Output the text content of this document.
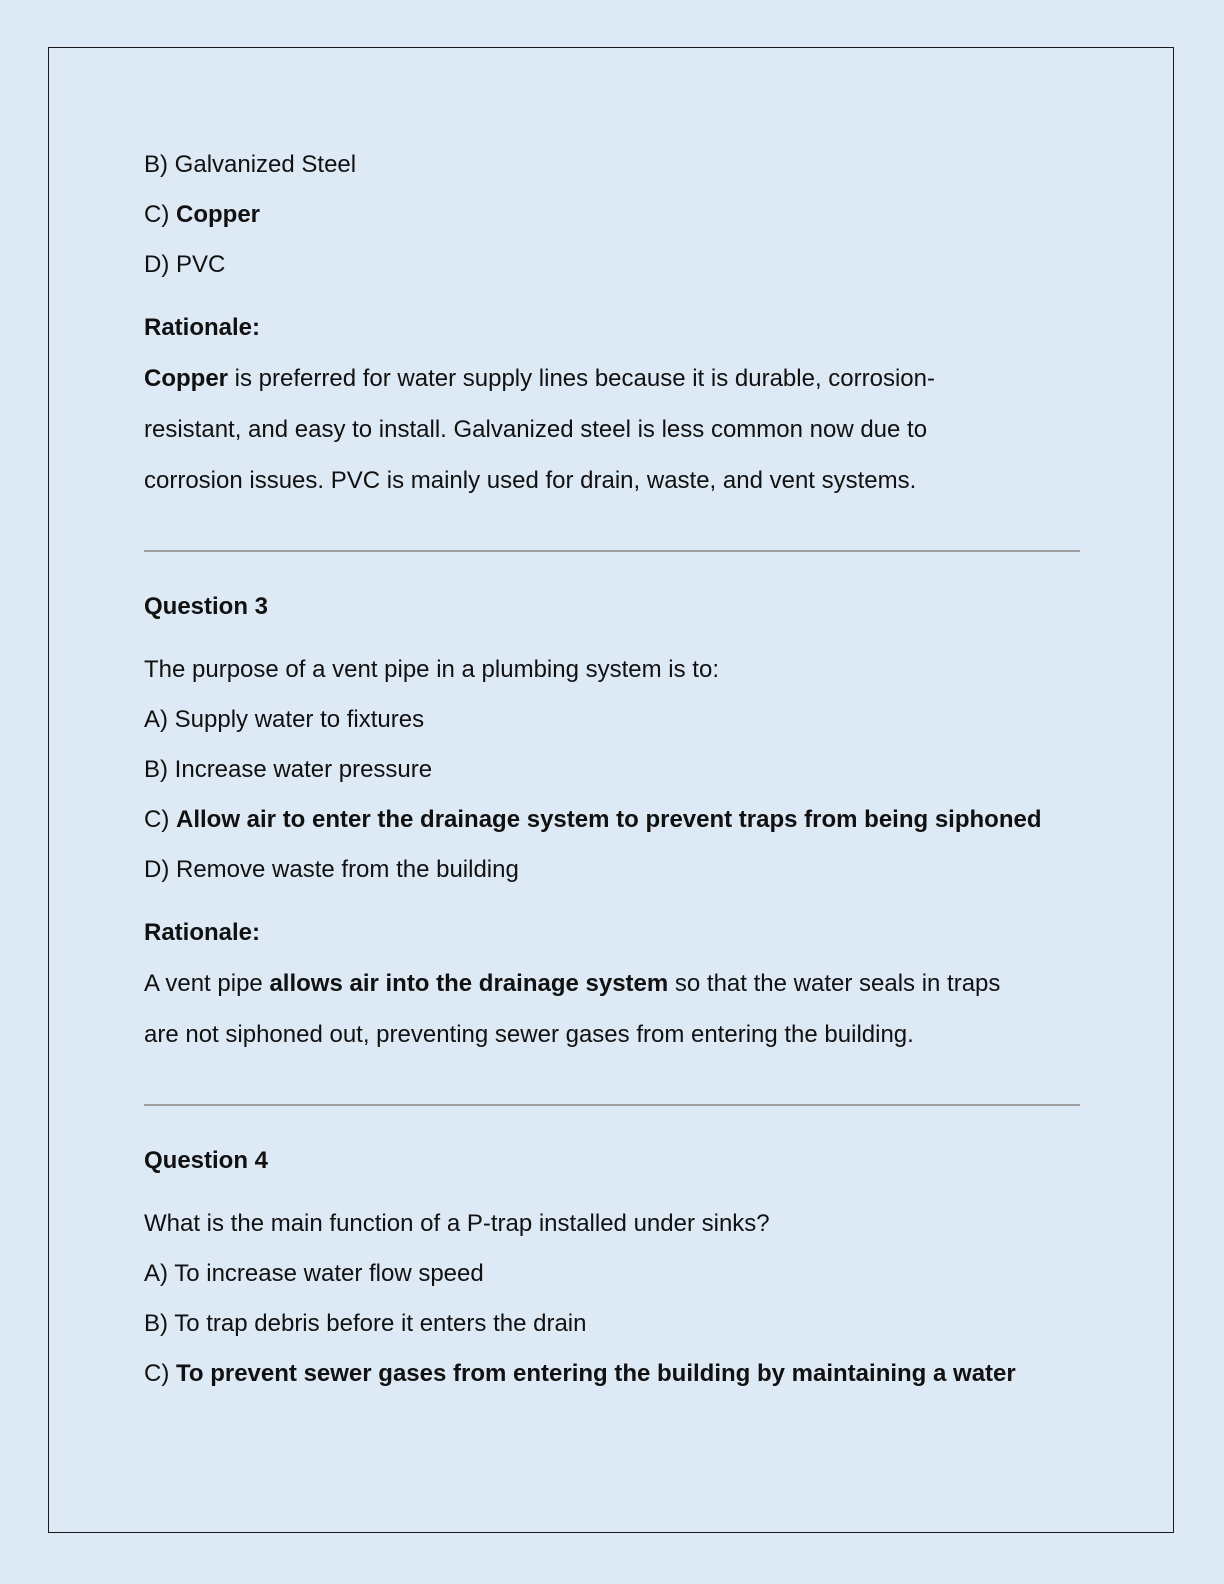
B) Galvanized Steel

C) Copper

D) PVC

Rationale:

Copper is preferred for water supply lines because it is durable, corrosion-

resistant, and easy to install. Galvanized steel is less common now due to

corrosion issues. PVC is mainly used for drain, waste, and vent systems.

Question 3

The purpose of a vent pipe in a plumbing system is to:

A) Supply water to fixtures

B) Increase water pressure

C) Allow air to enter the drainage system to prevent traps from being siphoned

D) Remove waste from the building

Rationale:

A vent pipe allows air into the drainage system so that the water seals in traps

are not siphoned out, preventing sewer gases from entering the building.

Question 4

What is the main function of a P-trap installed under sinks?

A) To increase water flow speed

B) To trap debris before it enters the drain

C) To prevent sewer gases from entering the building by maintaining a water
